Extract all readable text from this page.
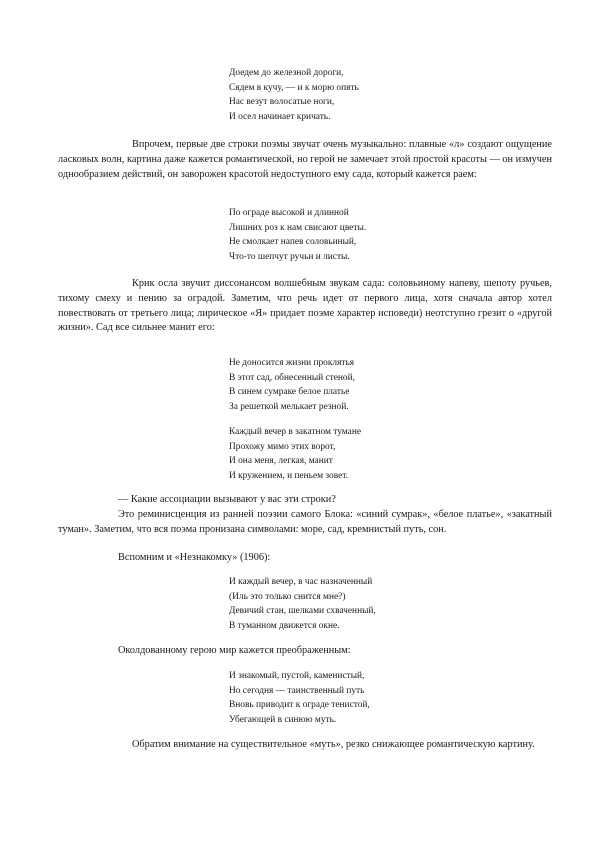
Доедем до железной дороги,
Сядем в кучу, — и к морю опять
Нас везут волосатые ноги,
И осел начинает кричать.
Впрочем, первые две строки поэмы звучат очень музыкально: плавные «л» создают ощущение ласковых волн, картина даже кажется романтической, но герой не замечает этой простой красоты — он измучен однообразием действий, он заворожен красотой недоступного ему сада, который кажется раем:
По ограде высокой и длинной
Лишних роз к нам свисают цветы.
Не смолкает напев соловьиный,
Что-то шепчут ручьи и листы.
Крик осла звучит диссонансом волшебным звукам сада: соловьиному напеву, шепоту ручьев, тихому смеху и пению за оградой. Заметим, что речь идет от первого лица, хотя сначала автор хотел повествовать от третьего лица; лирическое «Я» придает поэме характер исповеди) неотступно грезит о «другой жизни». Сад все сильнее манит его:
Не доносится жизни проклятья
В этот сад, обнесенный стеной,
В синем сумраке белое платье
За решеткой мелькает резной.
Каждый вечер в закатном тумане
Прохожу мимо этих ворот,
И она меня, легкая, манит
И кружением, и пеньем зовет.
— Какие ассоциации вызывают у вас эти строки?
Это реминисценция из ранней поэзии самого Блока: «синий сумрак», «белое платье», «закатный туман». Заметим, что вся поэма пронизана символами: море, сад, кремнистый путь, сон.
Вспомним и «Незнакомку» (1906):
И каждый вечер, в час назначенный
(Иль это только снится мне?)
Девичий стан, шелками схваченный,
В туманном движется окне.
Околдованному герою мир кажется преображенным:
И знакомый, пустой, каменистый,
Но сегодня — таинственный путь
Вновь приводит к ограде тенистой,
Убегающей в синюю муть.
Обратим внимание на существительное «муть», резко снижающее романтическую картину.
